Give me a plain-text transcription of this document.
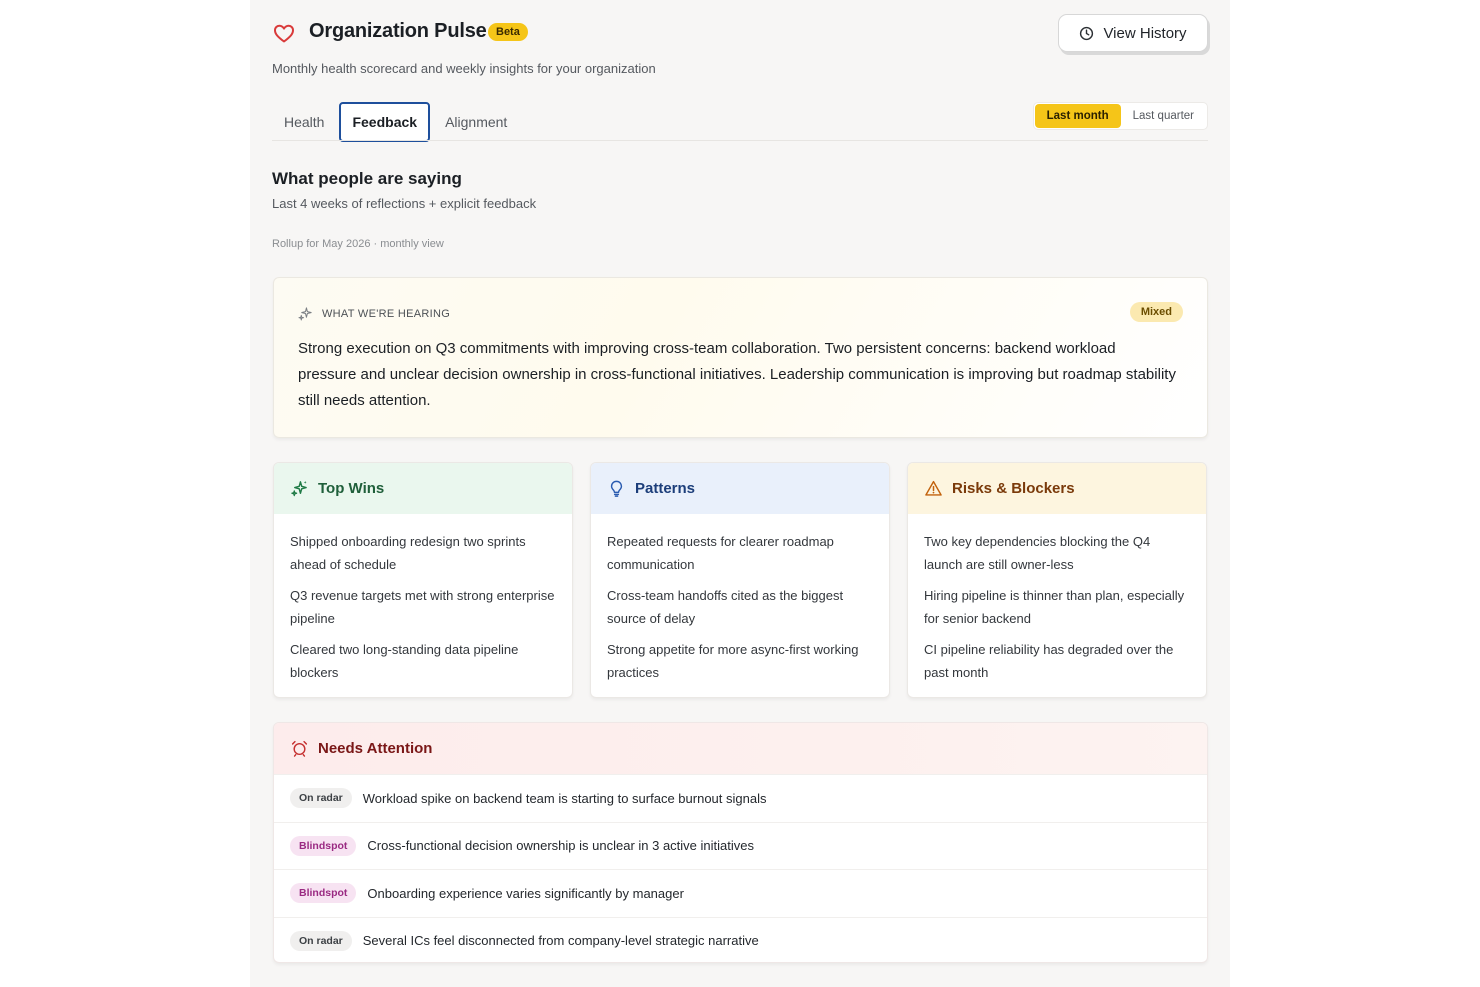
Organization Pulse Beta	View History
Monthly health scorecard and weekly insights for your organization
Health	Feedback	Alignment	Last month	Last quarter
What people are saying
Last 4 weeks of reflections + explicit feedback
Rollup for May 2026 · monthly view
WHAT WE'RE HEARING	Mixed
Strong execution on Q3 commitments with improving cross-team collaboration. Two persistent concerns: backend workload pressure and unclear decision ownership in cross-functional initiatives. Leadership communication is improving but roadmap stability still needs attention.
Top Wins
Shipped onboarding redesign two sprints ahead of schedule
Q3 revenue targets met with strong enterprise pipeline
Cleared two long-standing data pipeline blockers
Patterns
Repeated requests for clearer roadmap communication
Cross-team handoffs cited as the biggest source of delay
Strong appetite for more async-first working practices
Risks & Blockers
Two key dependencies blocking the Q4 launch are still owner-less
Hiring pipeline is thinner than plan, especially for senior backend
CI pipeline reliability has degraded over the past month
Needs Attention
On radar	Workload spike on backend team is starting to surface burnout signals
Blindspot	Cross-functional decision ownership is unclear in 3 active initiatives
Blindspot	Onboarding experience varies significantly by manager
On radar	Several ICs feel disconnected from company-level strategic narrative
